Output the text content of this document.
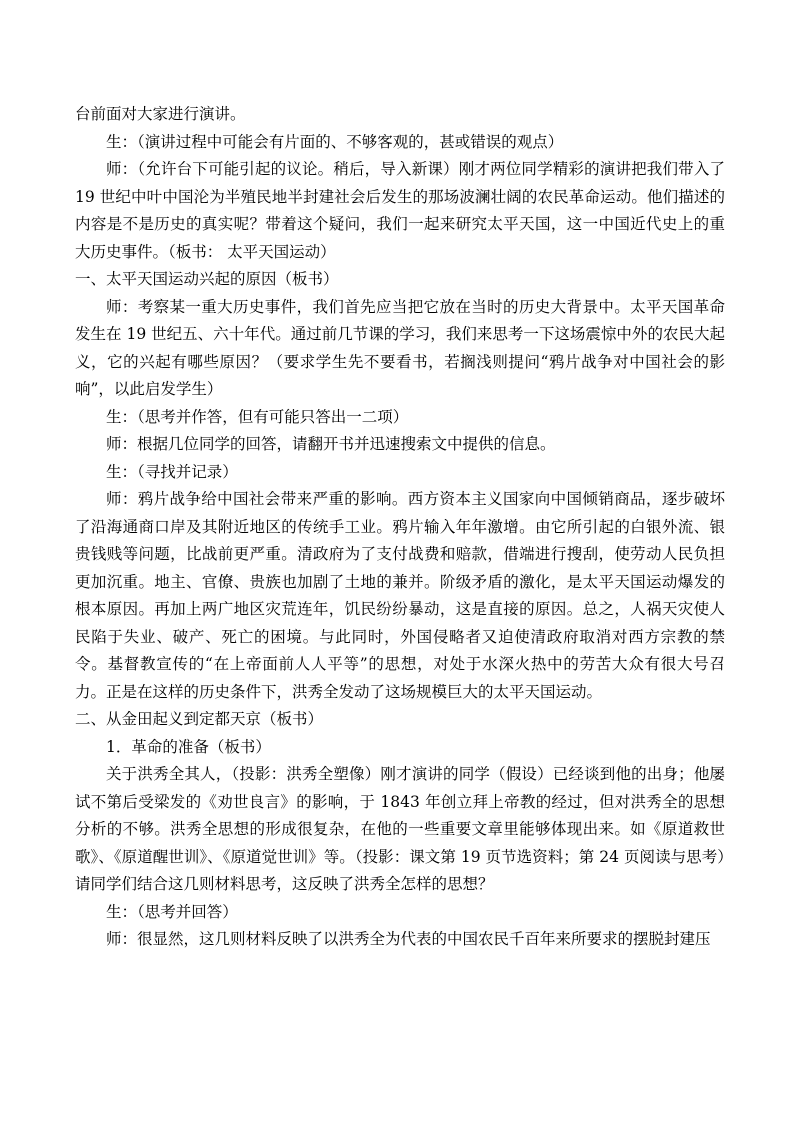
台前面对大家进行演讲。

生：（演讲过程中可能会有片面的、不够客观的，甚或错误的观点）

师：（允许台下可能引起的议论。稍后，导入新课）刚才两位同学精彩的演讲把我们带入了 19 世纪中叶中国沦为半殖民地半封建社会后发生的那场波澜壮阔的农民革命运动。他们描述的内容是不是历史的真实呢？带着这个疑问，我们一起来研究太平天国，这一中国近代史上的重大历史事件。（板书： 太平天国运动）

一、太平天国运动兴起的原因（板书）

师：考察某一重大历史事件，我们首先应当把它放在当时的历史大背景中。太平天国革命发生在 19 世纪五、六十年代。通过前几节课的学习，我们来思考一下这场震惊中外的农民大起义，它的兴起有哪些原因？（要求学生先不要看书，若搁浅则提问“鸦片战争对中国社会的影响”，以此启发学生）

生：（思考并作答，但有可能只答出一二项）

师：根据几位同学的回答，请翻开书并迅速搜索文中提供的信息。

生：（寻找并记录）

师：鸦片战争给中国社会带来严重的影响。西方资本主义国家向中国倾销商品，逐步破坏了沿海通商口岸及其附近地区的传统手工业。鸦片输入年年激增。由它所引起的白银外流、银贵钱贱等问题，比战前更严重。清政府为了支付战费和赔款，借端进行搜刮，使劳动人民负担更加沉重。地主、官僚、贵族也加剧了土地的兼并。阶级矛盾的激化，是太平天国运动爆发的根本原因。再加上两广地区灾荒连年，饥民纷纷暴动，这是直接的原因。总之，人祸天灾使人民陷于失业、破产、死亡的困境。与此同时，外国侵略者又迫使清政府取消对西方宗教的禁令。基督教宣传的“在上帝面前人人平等”的思想，对处于水深火热中的劳苦大众有很大号召力。正是在这样的历史条件下，洪秀全发动了这场规模巨大的太平天国运动。

二、从金田起义到定都天京（板书）

1．革命的准备（板书）

关于洪秀全其人，（投影：洪秀全塑像）刚才演讲的同学（假设）已经谈到他的出身；他屡试不第后受梁发的《劝世良言》的影响，于 1843 年创立拜上帝教的经过，但对洪秀全的思想分析的不够。洪秀全思想的形成很复杂，在他的一些重要文章里能够体现出来。如《原道救世歌》、《原道醒世训》、《原道觉世训》等。（投影：课文第 19 页节选资料；第 24 页阅读与思考）请同学们结合这几则材料思考，这反映了洪秀全怎样的思想？

生：（思考并回答）

师：很显然，这几则材料反映了以洪秀全为代表的中国农民千百年来所要求的摆脱封建压
